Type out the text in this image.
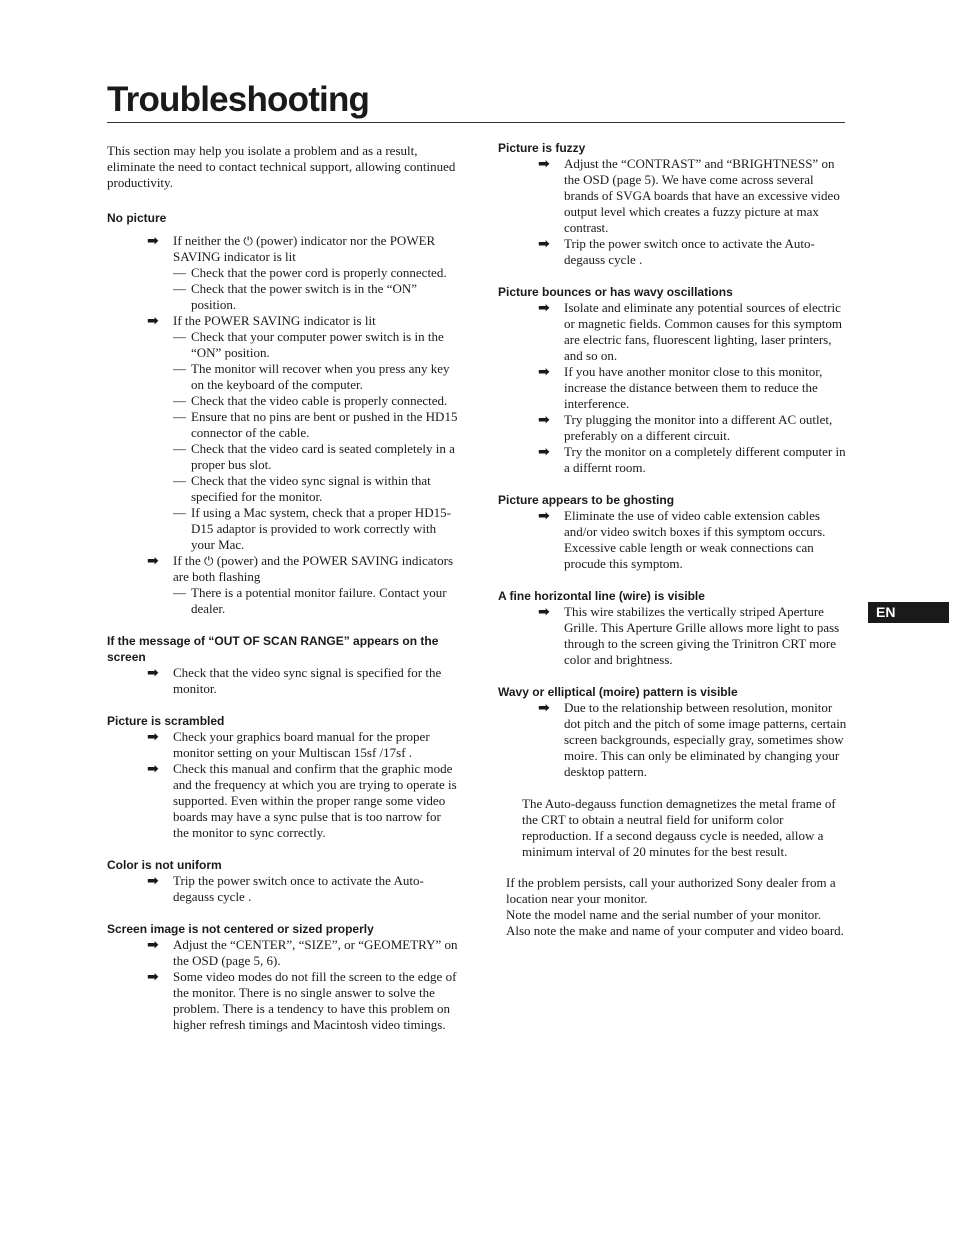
Troubleshooting

This section may help you isolate a problem and as a result, eliminate the need to contact technical support, allowing continued productivity.

No picture
➡ If neither the ⏻ (power) indicator nor the POWER SAVING indicator is lit
— Check that the power cord is properly connected.
— Check that the power switch is in the “ON” position.
➡ If the POWER SAVING indicator is lit
— Check that your computer power switch is in the “ON” position.
— The monitor will recover when you press any key on the keyboard of the computer.
— Check that the video cable is properly connected.
— Ensure that no pins are bent or pushed in the HD15 connector of the cable.
— Check that the video card is seated completely in a proper bus slot.
— Check that the video sync signal is within that specified for the monitor.
— If using a Mac system, check that a proper HD15-D15 adaptor is provided to work correctly with your Mac.
➡ If the ⏻ (power) and the POWER SAVING indicators are both flashing
— There is a potential monitor failure. Contact your dealer.
If the message of “OUT OF SCAN RANGE” appears on the screen
➡ Check that the video sync signal is specified for the monitor.
Picture is scrambled
➡ Check your graphics board manual for the proper monitor setting on your Multiscan 15sf /17sf .
➡ Check this manual and confirm that the graphic mode and the frequency at which you are trying to operate is supported. Even within the proper range some video boards may have a sync pulse that is too narrow for the monitor to sync correctly.
Color is not uniform
➡ Trip the power switch once to activate the Auto-degauss cycle .
Screen image is not centered or sized properly
➡ Adjust the “CENTER”, “SIZE”, or “GEOMETRY” on the OSD (page 5, 6).
➡ Some video modes do not fill the screen to the edge of the monitor. There is no single answer to solve the problem. There is a tendency to have this problem on higher refresh timings and Macintosh video timings.
Picture is fuzzy
➡ Adjust the “CONTRAST” and “BRIGHTNESS” on the OSD (page 5). We have come across several brands of SVGA boards that have an excessive video output level which creates a fuzzy picture at max contrast.
➡ Trip the power switch once to activate the Auto-degauss cycle .
Picture bounces or has wavy oscillations
➡ Isolate and eliminate any potential sources of electric or magnetic fields. Common causes for this symptom are electric fans, fluorescent lighting, laser printers, and so on.
➡ If you have another monitor close to this monitor, increase the distance between them to reduce the interference.
➡ Try plugging the monitor into a different AC outlet, preferably on a different circuit.
➡ Try the monitor on a completely different computer in a differnt room.
Picture appears to be ghosting
➡ Eliminate the use of video cable extension cables and/or video switch boxes if this symptom occurs. Excessive cable length or weak connections can procude this symptom.
A fine horizontal line (wire) is visible
➡ This wire stabilizes the vertically striped Aperture Grille. This Aperture Grille allows more light to pass through to the screen giving the Trinitron CRT more color and brightness.
Wavy or elliptical (moire) pattern is visible
➡ Due to the relationship between resolution, monitor dot pitch and the pitch of some image patterns, certain screen backgrounds, especially gray, sometimes show moire. This can only be eliminated by changing your desktop pattern.

The Auto-degauss function demagnetizes the metal frame of the CRT to obtain a neutral field for uniform color reproduction. If a second degauss cycle is needed, allow a minimum interval of 20 minutes for the best result.

If the problem persists, call your authorized Sony dealer from a location near your monitor.

Note the model name and the serial number of your monitor. Also note the make and name of your computer and video board.

EN
